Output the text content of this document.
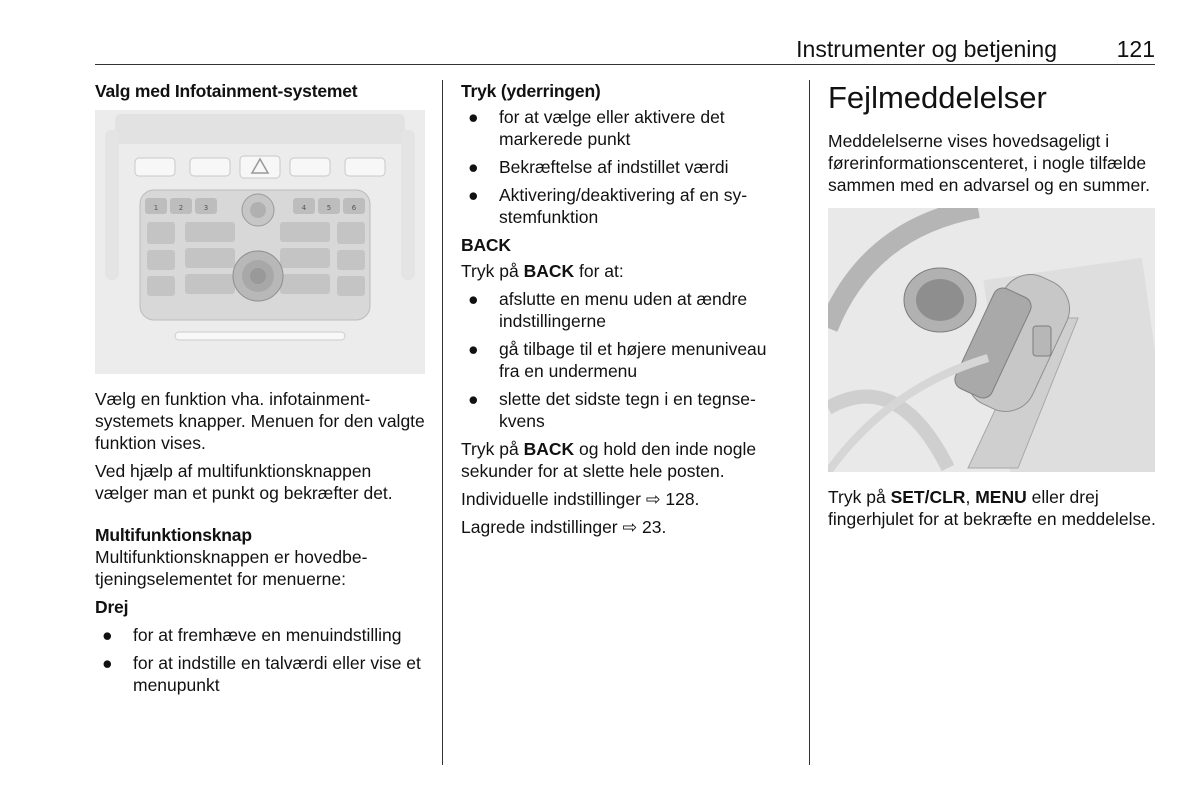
Instrumenter og betjening	121
Valg med Infotainment-systemet
1	2	3	4	5	6

Vælg en funktion vha. infotainmentsystemets knapper. Menuen for den valgte funktion vises.

Ved hjælp af multifunktionsknappen vælger man et punkt og bekræfter det.

Multifunktionsknap

Multifunktionsknappen er hovedbetjeningselementet for menuerne:

Drej
● for at fremhæve en menuindstilling
● for at indstille en talværdi eller vise et menupunkt
Tryk (yderringen)
● for at vælge eller aktivere det markerede punkt
● Bekræftelse af indstillet værdi
● Aktivering/deaktivering af en systemfunktion
BACK

Tryk på BACK for at:

● afslutte en menu uden at ændre indstillingerne
● gå tilbage til et højere menuniveau fra en undermenu
● slette det sidste tegn i en tegnsekvens

Tryk på BACK og hold den inde nogle sekunder for at slette hele posten.

Individuelle indstillinger ⇨ 128.

Lagrede indstillinger ⇨ 23.

Fejlmeddelelser

Meddelelserne vises hovedsageligt i førerinformationscenteret, i nogle tilfælde sammen med en advarsel og en summer.

Tryk på SET/CLR, MENU eller drej fingerhjulet for at bekræfte en meddelelse.
